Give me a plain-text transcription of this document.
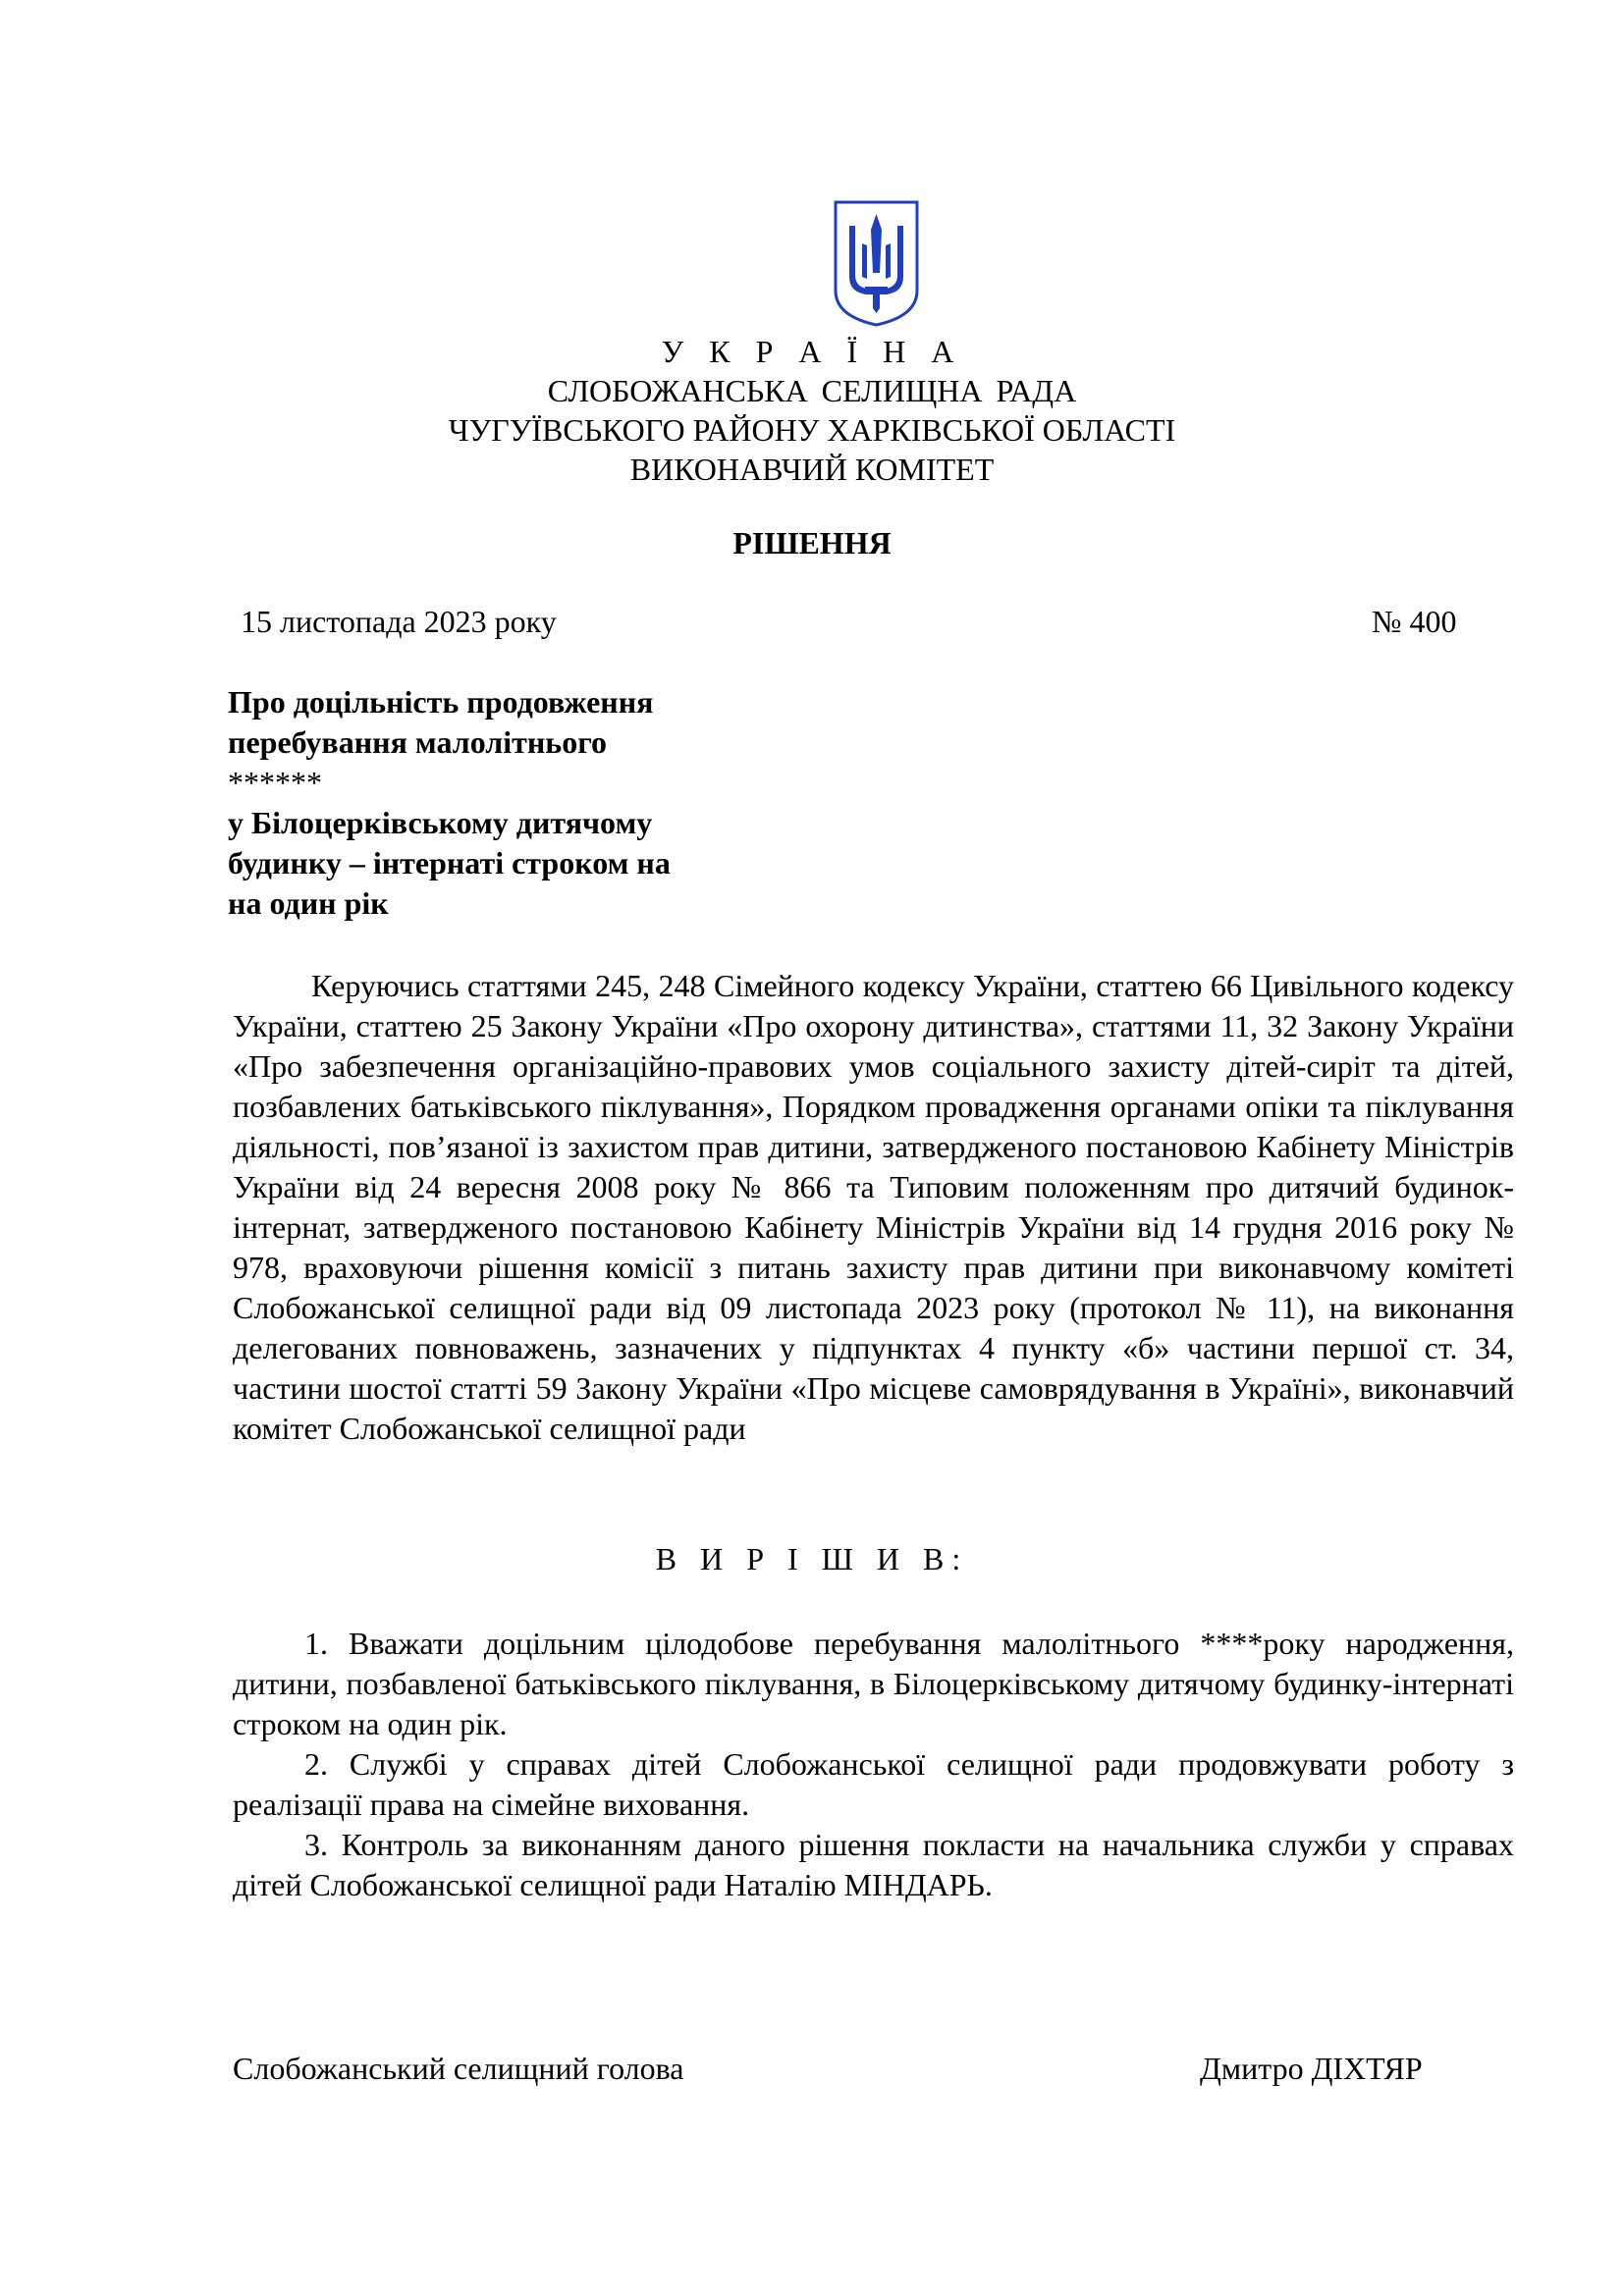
У К Р А Ї Н А
СЛОБОЖАНСЬКА СЕЛИЩНА РАДА
ЧУГУЇВСЬКОГО РАЙОНУ ХАРКІВСЬКОЇ ОБЛАСТІ
ВИКОНАВЧИЙ КОМІТЕТ
РІШЕННЯ
15 листопада 2023 року	№ 400
Про доцільність продовження
перебування малолітнього
******
у Білоцерківському дитячому
будинку – інтернаті строком на
на один рік
Керуючись статтями 245, 248 Сімейного кодексу України, статтею 66 Цивільного кодексу України, статтею 25 Закону України «Про охорону дитинства», статтями 11, 32 Закону України «Про забезпечення організаційно-правових умов соціального захисту дітей-сиріт та дітей, позбавлених батьківського піклування», Порядком провадження органами опіки та піклування діяльності, пов’язаної із захистом прав дитини, затвердженого постановою Кабінету Міністрів України від 24 вересня 2008 року № 866 та Типовим положенням про дитячий будинок-інтернат, затвердженого постановою Кабінету Міністрів України від 14 грудня 2016 року № 978, враховуючи рішення комісії з питань захисту прав дитини при виконавчому комітеті Слобожанської селищної ради від 09 листопада 2023 року (протокол № 11), на виконання делегованих повноважень, зазначених у підпунктах 4 пункту «б» частини першої ст. 34, частини шостої статті 59 Закону України «Про місцеве самоврядування в Україні», виконавчий комітет Слобожанської селищної ради
В И Р І Ш И В:
1. Вважати доцільним цілодобове перебування малолітнього ****року народження, дитини, позбавленої батьківського піклування, в Білоцерківському дитячому будинку-інтернаті строком на один рік.
2. Службі у справах дітей Слобожанської селищної ради продовжувати роботу з реалізації права на сімейне виховання.
3. Контроль за виконанням даного рішення покласти на начальника служби у справах дітей Слобожанської селищної ради Наталію МІНДАРЬ.
Слобожанський селищний голова	Дмитро ДІХТЯР
